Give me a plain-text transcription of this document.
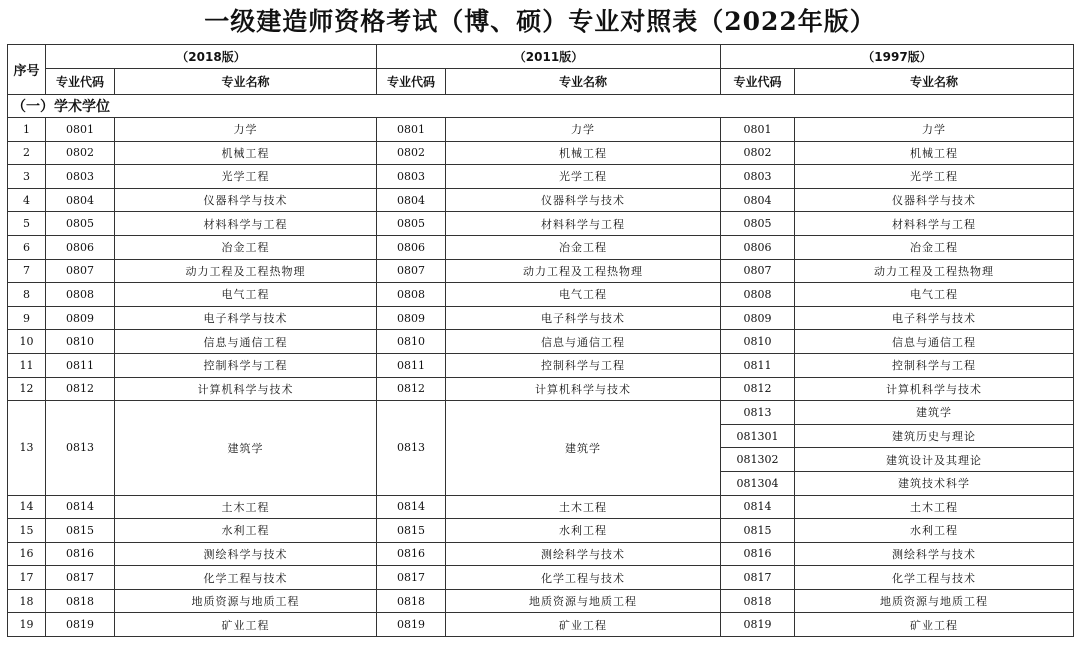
一级建造师资格考试（博、硕）专业对照表（2022年版）
序号	（2018版）		（2011版）		（1997版）	
	专业代码	专业名称	专业代码	专业名称	专业代码	专业名称
（一）学术学位						
1	0801	力学	0801	力学	0801	力学
2	0802	机械工程	0802	机械工程	0802	机械工程
3	0803	光学工程	0803	光学工程	0803	光学工程
4	0804	仪器科学与技术	0804	仪器科学与技术	0804	仪器科学与技术
5	0805	材料科学与工程	0805	材料科学与工程	0805	材料科学与工程
6	0806	冶金工程	0806	冶金工程	0806	冶金工程
7	0807	动力工程及工程热物理	0807	动力工程及工程热物理	0807	动力工程及工程热物理
8	0808	电气工程	0808	电气工程	0808	电气工程
9	0809	电子科学与技术	0809	电子科学与技术	0809	电子科学与技术
10	0810	信息与通信工程	0810	信息与通信工程	0810	信息与通信工程
11	0811	控制科学与工程	0811	控制科学与工程	0811	控制科学与工程
12	0812	计算机科学与技术	0812	计算机科学与技术	0812	计算机科学与技术
13	0813	建筑学	0813	建筑学	0813	建筑学
					081301	建筑历史与理论
					081302	建筑设计及其理论
					081304	建筑技术科学
14	0814	土木工程	0814	土木工程	0814	土木工程
15	0815	水利工程	0815	水利工程	0815	水利工程
16	0816	测绘科学与技术	0816	测绘科学与技术	0816	测绘科学与技术
17	0817	化学工程与技术	0817	化学工程与技术	0817	化学工程与技术
18	0818	地质资源与地质工程	0818	地质资源与地质工程	0818	地质资源与地质工程
19	0819	矿业工程	0819	矿业工程	0819	矿业工程
